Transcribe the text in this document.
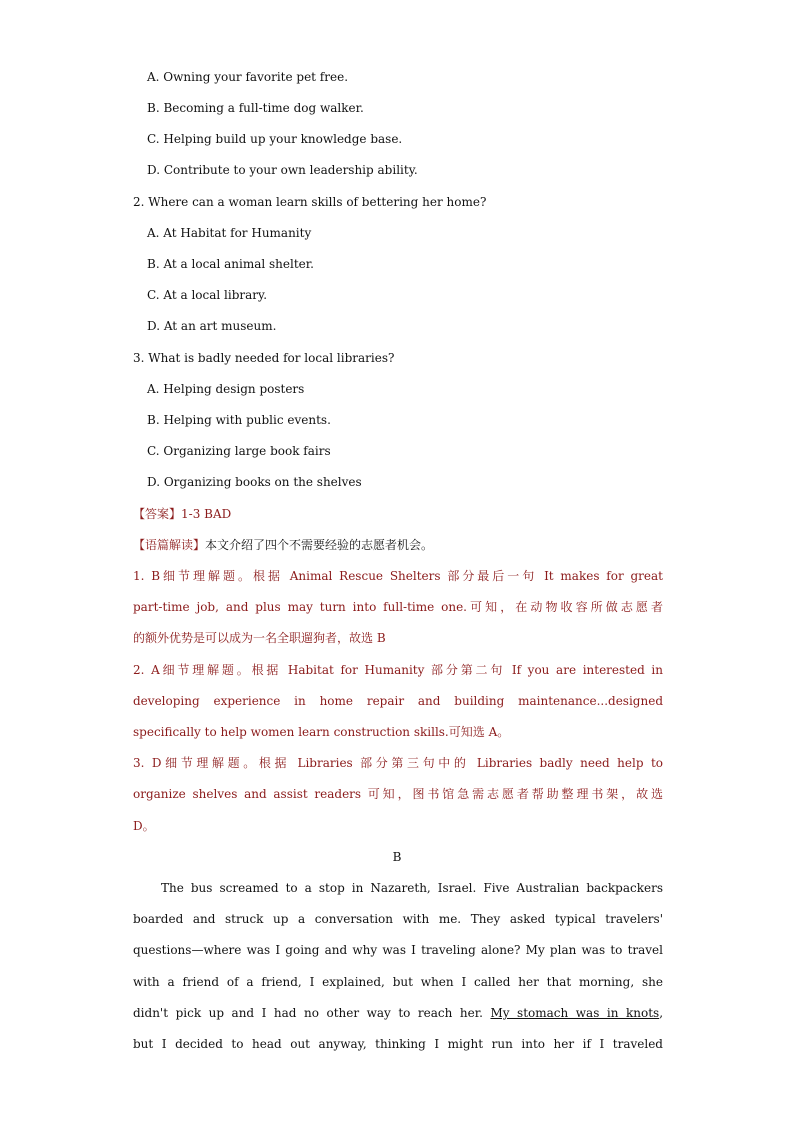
A. Owning your favorite pet free.
B. Becoming a full-time dog walker.
C. Helping build up your knowledge base.
D. Contribute to your own leadership ability.
2. Where can a woman learn skills of bettering her home?
A. At Habitat for Humanity
B. At a local animal shelter.
C. At a local library.
D. At an art museum.
3. What is badly needed for local libraries?
A. Helping design posters
B. Helping with public events.
C. Organizing large book fairs
D. Organizing books on the shelves
【答案】1-3 BAD
【语篇解读】本文介绍了四个不需要经验的志愿者机会。
1. B细节理解题。根据 Animal Rescue Shelters 部分最后一句 It makes for great
part-time job, and plus may turn into full-time one.可知，在动物收容所做志愿者
的额外优势是可以成为一名全职遛狗者，故选 B
2. A细节理解题。根据 Habitat for Humanity 部分第二句 If you are interested in
developing experience in home repair and building maintenance...designed
specifically to help women learn construction skills.可知选 A。
3. D细节理解题。根据 Libraries 部分第三句中的 Libraries badly need help to
organize shelves and assist readers 可知，图书馆急需志愿者帮助整理书架，故选
D。
B
The bus screamed to a stop in Nazareth, Israel. Five Australian backpackers
boarded and struck up a conversation with me. They asked typical travelers'
questions—where was I going and why was I traveling alone? My plan was to travel
with a friend of a friend, I explained, but when I called her that morning, she
didn't pick up and I had no other way to reach her. My stomach was in knots,
but I decided to head out anyway, thinking I might run into her if I traveled
